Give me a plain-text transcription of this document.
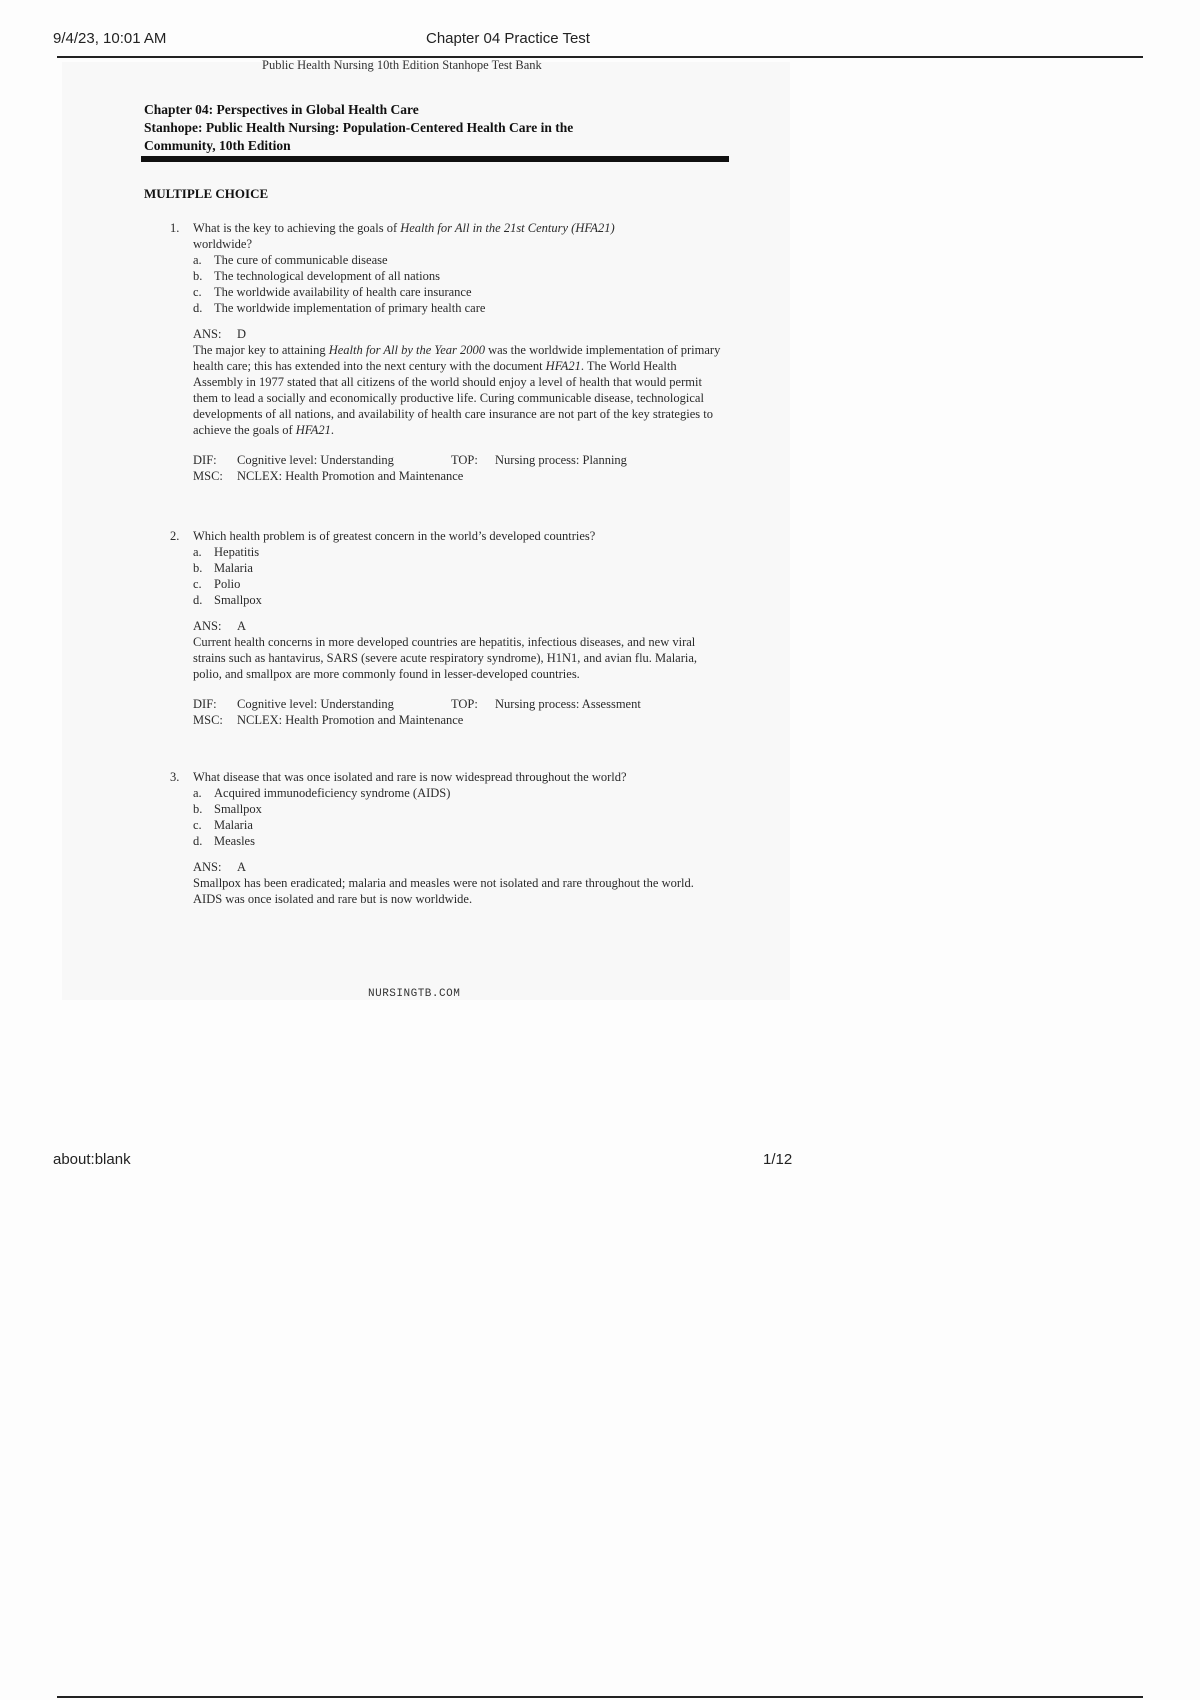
9/4/23, 10:01 AM	Chapter 04 Practice Test
Public Health Nursing 10th Edition Stanhope Test Bank
Chapter 04: Perspectives in Global Health Care
Stanhope: Public Health Nursing: Population-Centered Health Care in the
Community, 10th Edition
MULTIPLE CHOICE
1.	What is the key to achieving the goals of Health for All in the 21st Century (HFA21)
worldwide?
a. The cure of communicable disease
b. The technological development of all nations
c. The worldwide availability of health care insurance
d. The worldwide implementation of primary health care
ANS:	D
The major key to attaining Health for All by the Year 2000 was the worldwide implementation of primary health care; this has extended into the next century with the document HFA21. The World Health Assembly in 1977 stated that all citizens of the world should enjoy a level of health that would permit them to lead a socially and economically productive life. Curing communicable disease, technological developments of all nations, and availability of health care insurance are not part of the key strategies to achieve the goals of HFA21.
DIF:	Cognitive level: Understanding	TOP:	Nursing process: Planning
MSC:	NCLEX: Health Promotion and Maintenance
2.	Which health problem is of greatest concern in the world’s developed countries?
a. Hepatitis
b. Malaria
c. Polio
d. Smallpox
ANS:	A
Current health concerns in more developed countries are hepatitis, infectious diseases, and new viral strains such as hantavirus, SARS (severe acute respiratory syndrome), H1N1, and avian flu. Malaria, polio, and smallpox are more commonly found in lesser-developed countries.
DIF:	Cognitive level: Understanding	TOP:	Nursing process: Assessment
MSC:	NCLEX: Health Promotion and Maintenance
3.	What disease that was once isolated and rare is now widespread throughout the world?
a. Acquired immunodeficiency syndrome (AIDS)
b. Smallpox
c. Malaria
d. Measles
ANS:	A
Smallpox has been eradicated; malaria and measles were not isolated and rare throughout the world. AIDS was once isolated and rare but is now worldwide.
NURSINGTB.COM
about:blank	1/12
